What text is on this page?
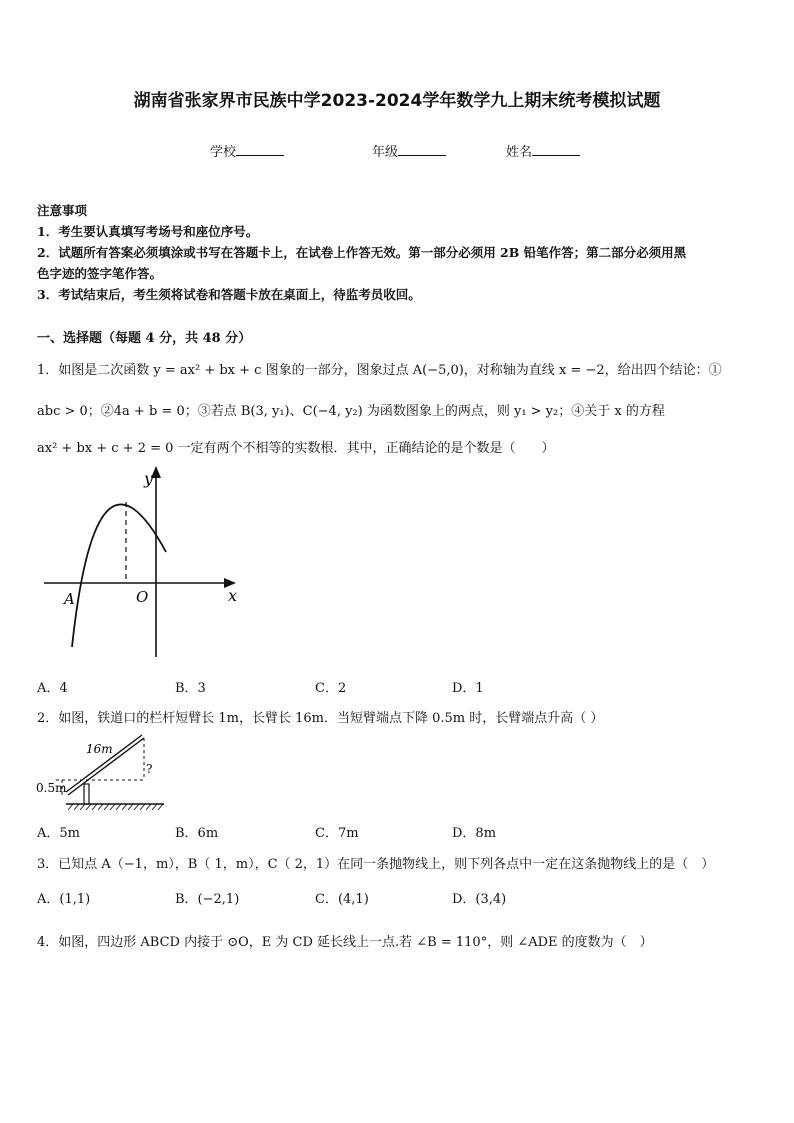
湖南省张家界市民族中学2023-2024学年数学九上期末统考模拟试题
学校	年级	姓名
注意事项
1．考生要认真填写考场号和座位序号。
2．试题所有答案必须填涂或书写在答题卡上，在试卷上作答无效。第一部分必须用 2B 铅笔作答；第二部分必须用黑
色字迹的签字笔作答。
3．考试结束后，考生须将试卷和答题卡放在桌面上，待监考员收回。
一、选择题（每题 4 分，共 48 分）
1．如图是二次函数 y = ax² + bx + c 图象的一部分，图象过点 A(−5,0)，对称轴为直线 x = −2，给出四个结论：①
abc > 0；②4a + b = 0；③若点 B(3, y₁)、C(−4, y₂) 为函数图象上的两点，则 y₁ > y₂；④关于 x 的方程
ax² + bx + c + 2 = 0 一定有两个不相等的实数根．其中，正确结论的是个数是（　　）
y
x
A	O
A．4	B．3	C．2	D．1
2．如图，铁道口的栏杆短臂长 1m，长臂长 16m．当短臂端点下降 0.5m 时，长臂端点升高（ ）
16m
0.5m
?
A．5m	B．6m	C．7m	D．8m
3．已知点 A（−1，m），B（ 1，m），C（ 2，1）在同一条抛物线上，则下列各点中一定在这条抛物线上的是（　）
A．(1,1)	B．(−2,1)	C．(4,1)	D．(3,4)
4．如图，四边形 ABCD 内接于 ⊙O，E 为 CD 延长线上一点.若 ∠B = 110°，则 ∠ADE 的度数为（　）
